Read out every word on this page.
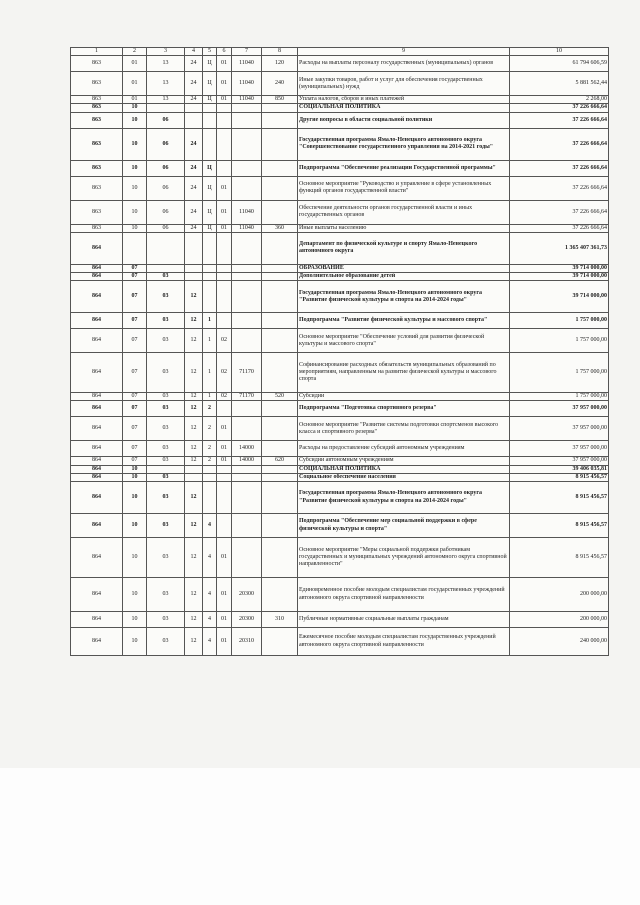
1	2	3	4	5	6	7	8	9	10
863	01	13	24	Ц	01	11040	120	Расходы на выплаты персоналу государственных (муниципальных) органов	61 794 606,59
863	01	13	24	Ц	01	11040	240	Иные закупки товаров, работ и услуг для обеспечения государственных (муниципальных) нужд	5 881 562,44
863	01	13	24	Ц	01	11040	850	Уплата налогов, сборов и иных платежей	2 268,00
863	10							СОЦИАЛЬНАЯ ПОЛИТИКА	37 226 666,64
863	10	06						Другие вопросы в области социальной политики	37 226 666,64
863	10	06	24					Государственная программа Ямало-Ненецкого автономного округа "Совершенствование государственного управления на 2014-2021 годы"	37 226 666,64
863	10	06	24	Ц				Подпрограмма "Обеспечение реализации Государственной программы"	37 226 666,64
863	10	06	24	Ц	01			Основное мероприятие "Руководство и управление в сфере установленных функций органов государственной власти"	37 226 666,64
863	10	06	24	Ц	01	11040		Обеспечение деятельности органов государственной власти и иных государственных органов	37 226 666,64
863	10	06	24	Ц	01	11040	360	Иные выплаты населению	37 226 666,64
864								Департамент по физической культуре и спорту Ямало-Ненецкого автономного округа	1 365 407 361,73
864	07							ОБРАЗОВАНИЕ	39 714 000,00
864	07	03						Дополнительное образование детей	39 714 000,00
864	07	03	12					Государственная программа Ямало-Ненецкого автономного округа "Развитие физической культуры и спорта на 2014-2024 годы"	39 714 000,00
864	07	03	12	1				Подпрограмма "Развитие физической культуры и массового спорта"	1 757 000,00
864	07	03	12	1	02			Основное мероприятие "Обеспечение условий для развития физической культуры и массового спорта"	1 757 000,00
864	07	03	12	1	02	71170		Софинансирование расходных обязательств муниципальных образований по мероприятиям, направленным на развитие физической культуры и массового спорта	1 757 000,00
864	07	03	12	1	02	71170	520	Субсидии	1 757 000,00
864	07	03	12	2				Подпрограмма "Подготовка спортивного резерва"	37 957 000,00
864	07	03	12	2	01			Основное мероприятие "Развитие системы подготовки спортсменов высокого класса и спортивного резерва"	37 957 000,00
864	07	03	12	2	01	14000		Расходы на предоставление субсидий автономным учреждениям	37 957 000,00
864	07	03	12	2	01	14000	620	Субсидии автономным учреждениям	37 957 000,00
864	10							СОЦИАЛЬНАЯ ПОЛИТИКА	39 406 035,81
864	10	03						Социальное обеспечение населения	8 915 456,57
864	10	03	12					Государственная программа Ямало-Ненецкого автономного округа "Развитие физической культуры и спорта на 2014-2024 годы"	8 915 456,57
864	10	03	12	4				Подпрограмма "Обеспечение мер социальной поддержки в сфере физической культуры и спорта"	8 915 456,57
864	10	03	12	4	01			Основное мероприятие "Меры социальной поддержки работникам государственных и муниципальных учреждений автономного округа спортивной направленности"	8 915 456,57
864	10	03	12	4	01	20300		Единовременное пособие молодым специалистам государственных учреждений автономного округа спортивной направленности	200 000,00
864	10	03	12	4	01	20300	310	Публичные нормативные социальные выплаты гражданам	200 000,00
864	10	03	12	4	01	20310		Ежемесячное пособие молодым специалистам государственных учреждений автономного округа спортивной направленности	240 000,00
